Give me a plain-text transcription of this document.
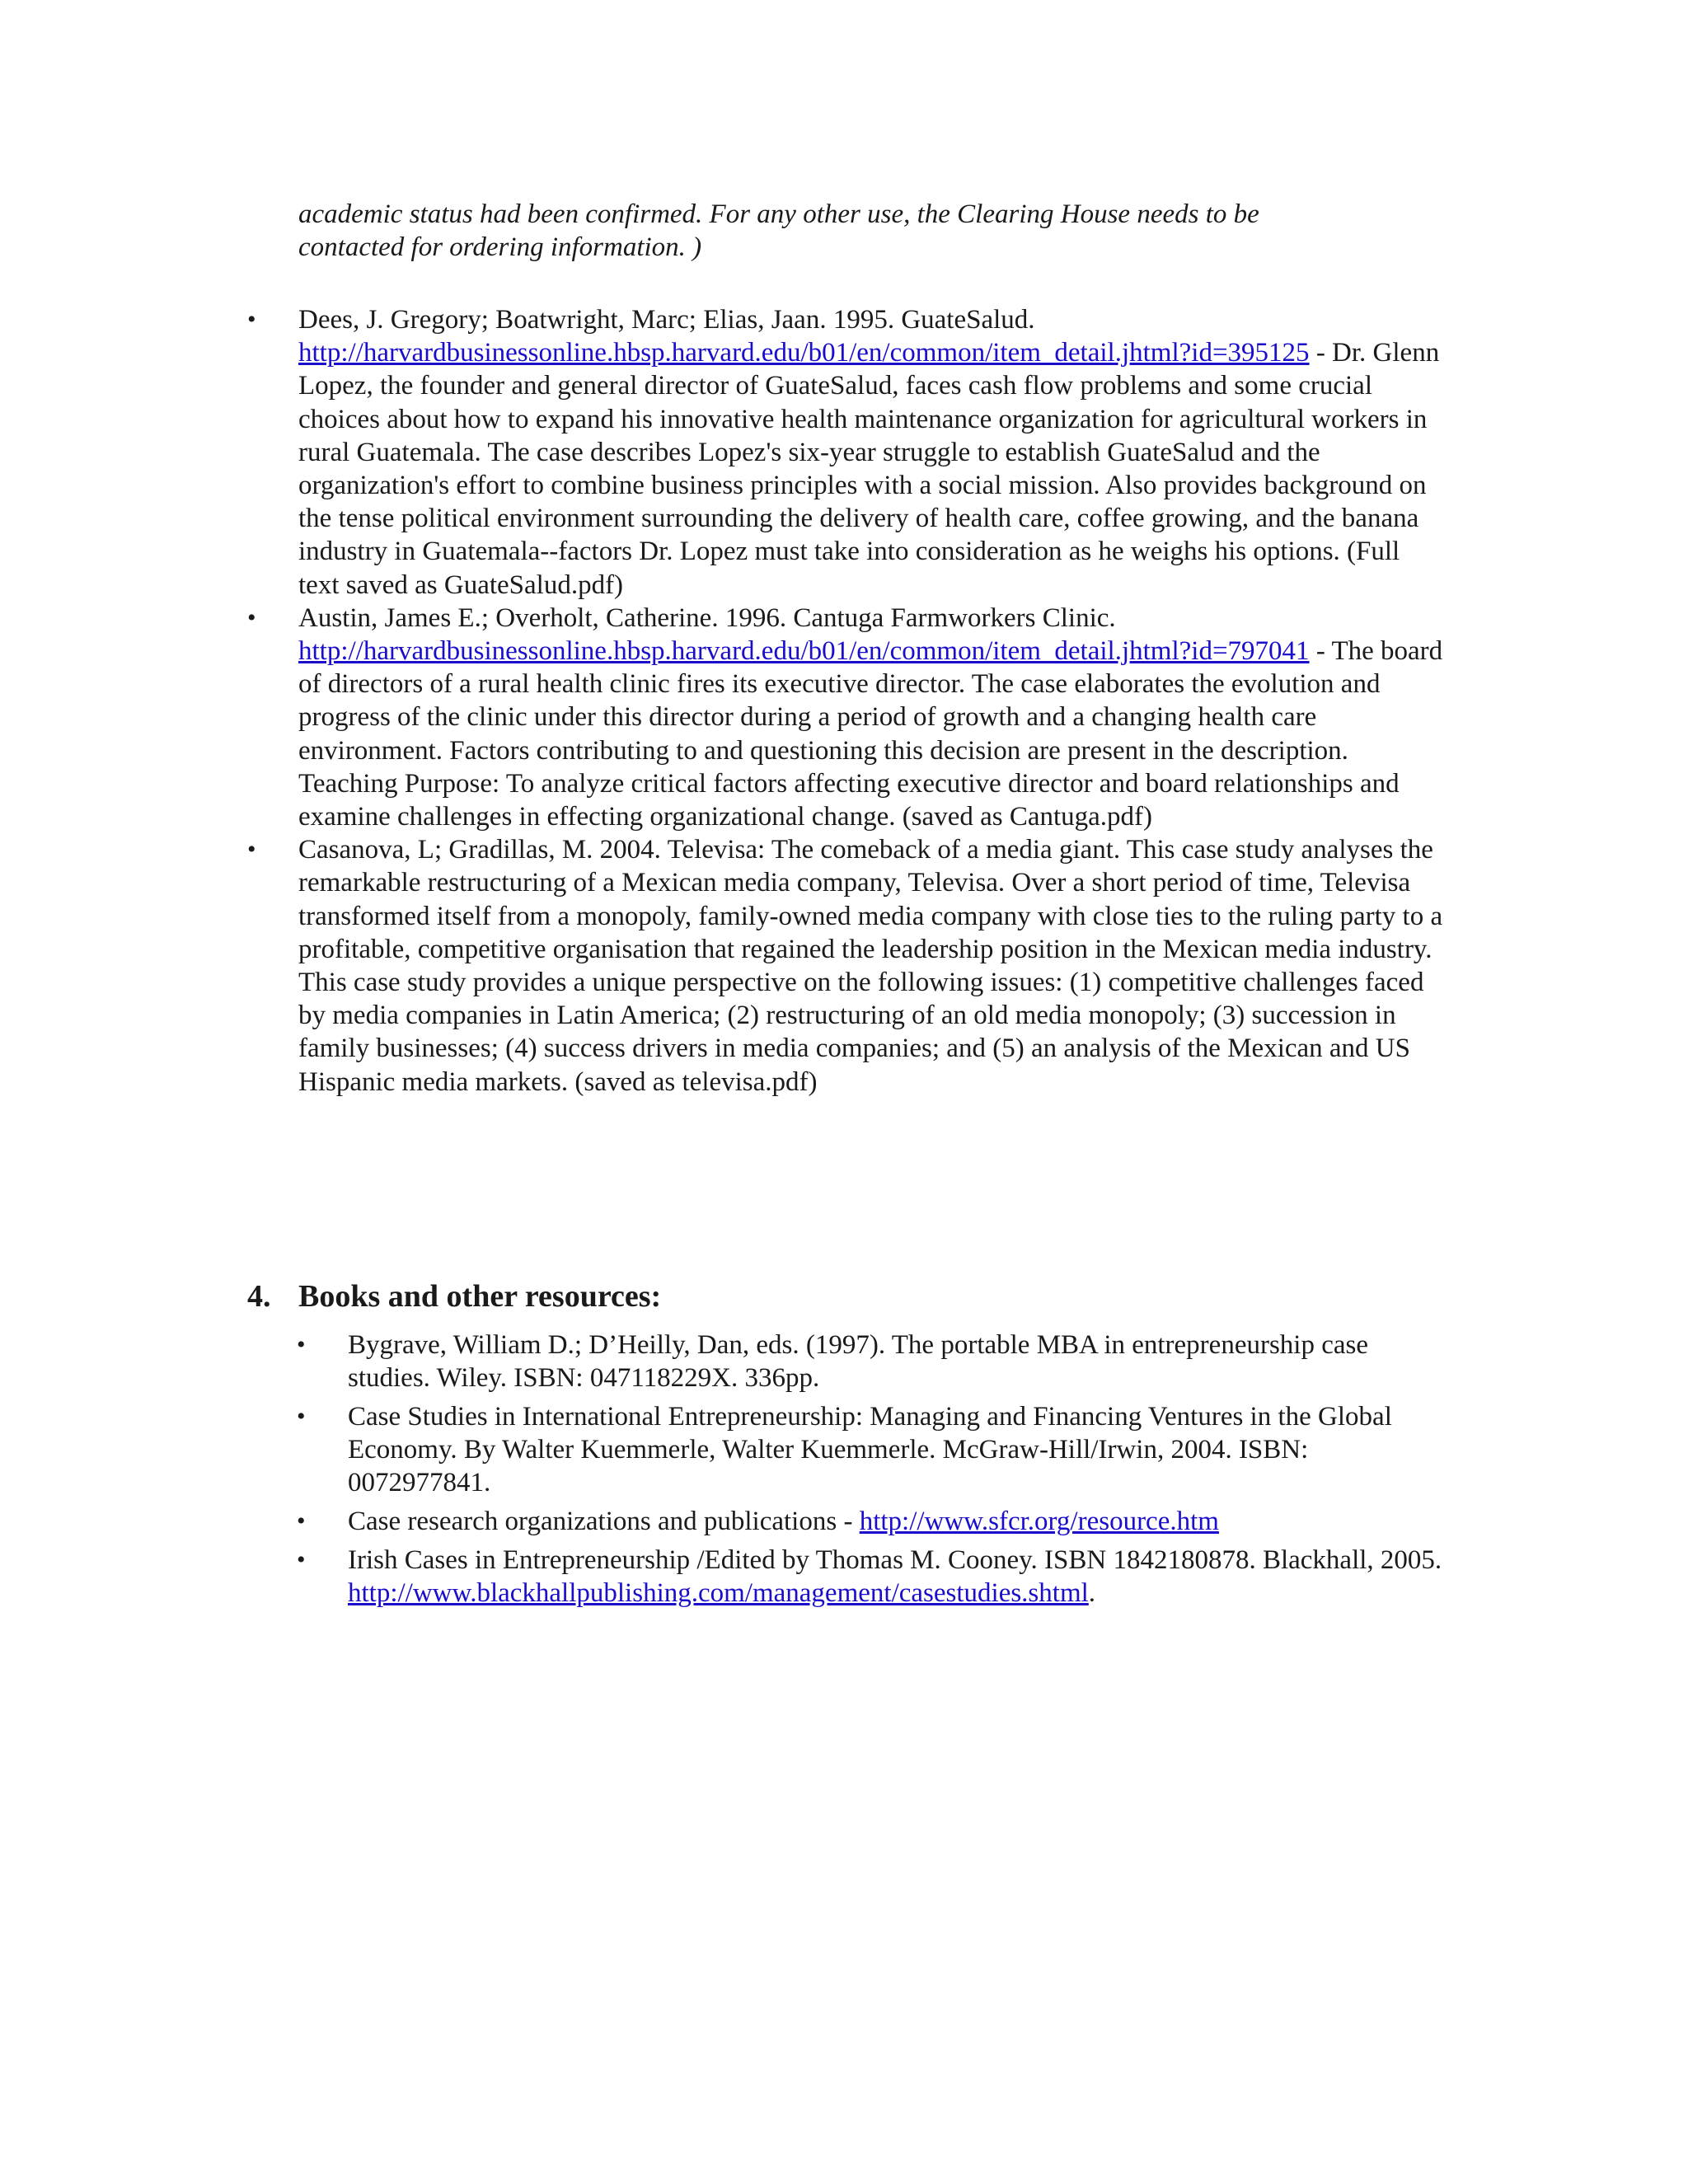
academic status had been confirmed. For any other use, the Clearing House needs to be

contacted for ordering information. )

• Dees, J. Gregory; Boatwright, Marc; Elias, Jaan. 1995. GuateSalud.
http://harvardbusinessonline.hbsp.harvard.edu/b01/en/common/item_detail.jhtml?id=395125 - Dr. Glenn Lopez, the founder and general director of GuateSalud, faces cash flow problems and some crucial choices about how to expand his innovative health maintenance organization for agricultural workers in rural Guatemala. The case describes Lopez's six-year struggle to establish GuateSalud and the organization's effort to combine business principles with a social mission. Also provides background on the tense political environment surrounding the delivery of health care, coffee growing, and the banana industry in Guatemala--factors Dr. Lopez must take into consideration as he weighs his options. (Full text saved as GuateSalud.pdf)
• Austin, James E.; Overholt, Catherine. 1996. Cantuga Farmworkers Clinic.
http://harvardbusinessonline.hbsp.harvard.edu/b01/en/common/item_detail.jhtml?id=797041 - The board of directors of a rural health clinic fires its executive director. The case elaborates the evolution and progress of the clinic under this director during a period of growth and a changing health care environment. Factors contributing to and questioning this decision are present in the description. Teaching Purpose: To analyze critical factors affecting executive director and board relationships and examine challenges in effecting organizational change. (saved as Cantuga.pdf)
• Casanova, L; Gradillas, M. 2004. Televisa: The comeback of a media giant. This case study analyses the remarkable restructuring of a Mexican media company, Televisa. Over a short period of time, Televisa transformed itself from a monopoly, family-owned media company with close ties to the ruling party to a profitable, competitive organisation that regained the leadership position in the Mexican media industry. This case study provides a unique perspective on the following issues: (1) competitive challenges faced by media companies in Latin America; (2) restructuring of an old media monopoly; (3) succession in family businesses; (4) success drivers in media companies; and (5) an analysis of the Mexican and US Hispanic media markets. (saved as televisa.pdf)
4. Books and other resources:
• Bygrave, William D.; D’Heilly, Dan, eds. (1997). The portable MBA in entrepreneurship case studies. Wiley. ISBN: 047118229X. 336pp.
• Case Studies in International Entrepreneurship: Managing and Financing Ventures in the Global Economy. By Walter Kuemmerle, Walter Kuemmerle. McGraw-Hill/Irwin, 2004. ISBN: 0072977841.
• Case research organizations and publications - http://www.sfcr.org/resource.htm
• Irish Cases in Entrepreneurship /Edited by Thomas M. Cooney. ISBN 1842180878. Blackhall, 2005. http://www.blackhallpublishing.com/management/casestudies.shtml.
